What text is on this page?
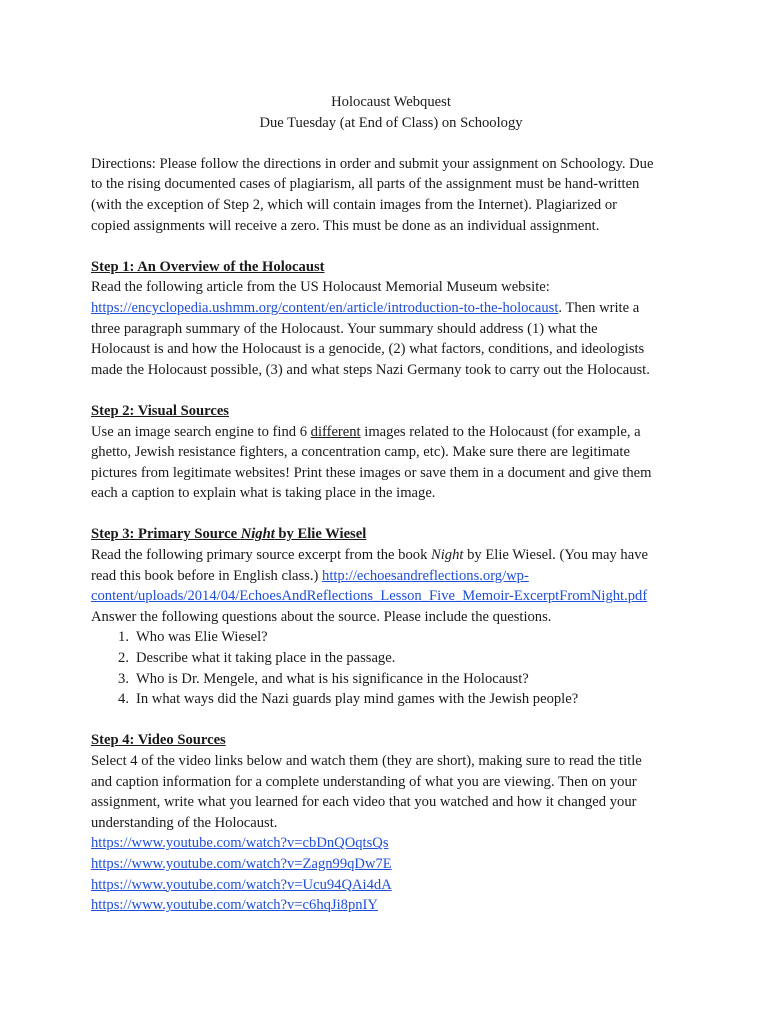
Holocaust Webquest

Due Tuesday (at End of Class) on Schoology

Directions: Please follow the directions in order and submit your assignment on Schoology. Due

to the rising documented cases of plagiarism, all parts of the assignment must be hand-written

(with the exception of Step 2, which will contain images from the Internet). Plagiarized or

copied assignments will receive a zero. This must be done as an individual assignment.

Step 1: An Overview of the Holocaust

Read the following article from the US Holocaust Memorial Museum website:

https://encyclopedia.ushmm.org/content/en/article/introduction-to-the-holocaust. Then write a

three paragraph summary of the Holocaust. Your summary should address (1) what the

Holocaust is and how the Holocaust is a genocide, (2) what factors, conditions, and ideologists

made the Holocaust possible, (3) and what steps Nazi Germany took to carry out the Holocaust.

Step 2: Visual Sources

Use an image search engine to find 6 different images related to the Holocaust (for example, a

ghetto, Jewish resistance fighters, a concentration camp, etc). Make sure there are legitimate

pictures from legitimate websites! Print these images or save them in a document and give them

each a caption to explain what is taking place in the image.

Step 3: Primary Source Night by Elie Wiesel

Read the following primary source excerpt from the book Night by Elie Wiesel. (You may have

read this book before in English class.) http://echoesandreflections.org/wp-

content/uploads/2014/04/EchoesAndReflections_Lesson_Five_Memoir-ExcerptFromNight.pdf

Answer the following questions about the source. Please include the questions.

1. Who was Elie Wiesel?
2. Describe what it taking place in the passage.
3. Who is Dr. Mengele, and what is his significance in the Holocaust?
4. In what ways did the Nazi guards play mind games with the Jewish people?

Step 4: Video Sources

Select 4 of the video links below and watch them (they are short), making sure to read the title

and caption information for a complete understanding of what you are viewing. Then on your

assignment, write what you learned for each video that you watched and how it changed your

understanding of the Holocaust.

https://www.youtube.com/watch?v=cbDnQOqtsQs

https://www.youtube.com/watch?v=Zagn99qDw7E

https://www.youtube.com/watch?v=Ucu94QAi4dA

https://www.youtube.com/watch?v=c6hqJi8pnIY
